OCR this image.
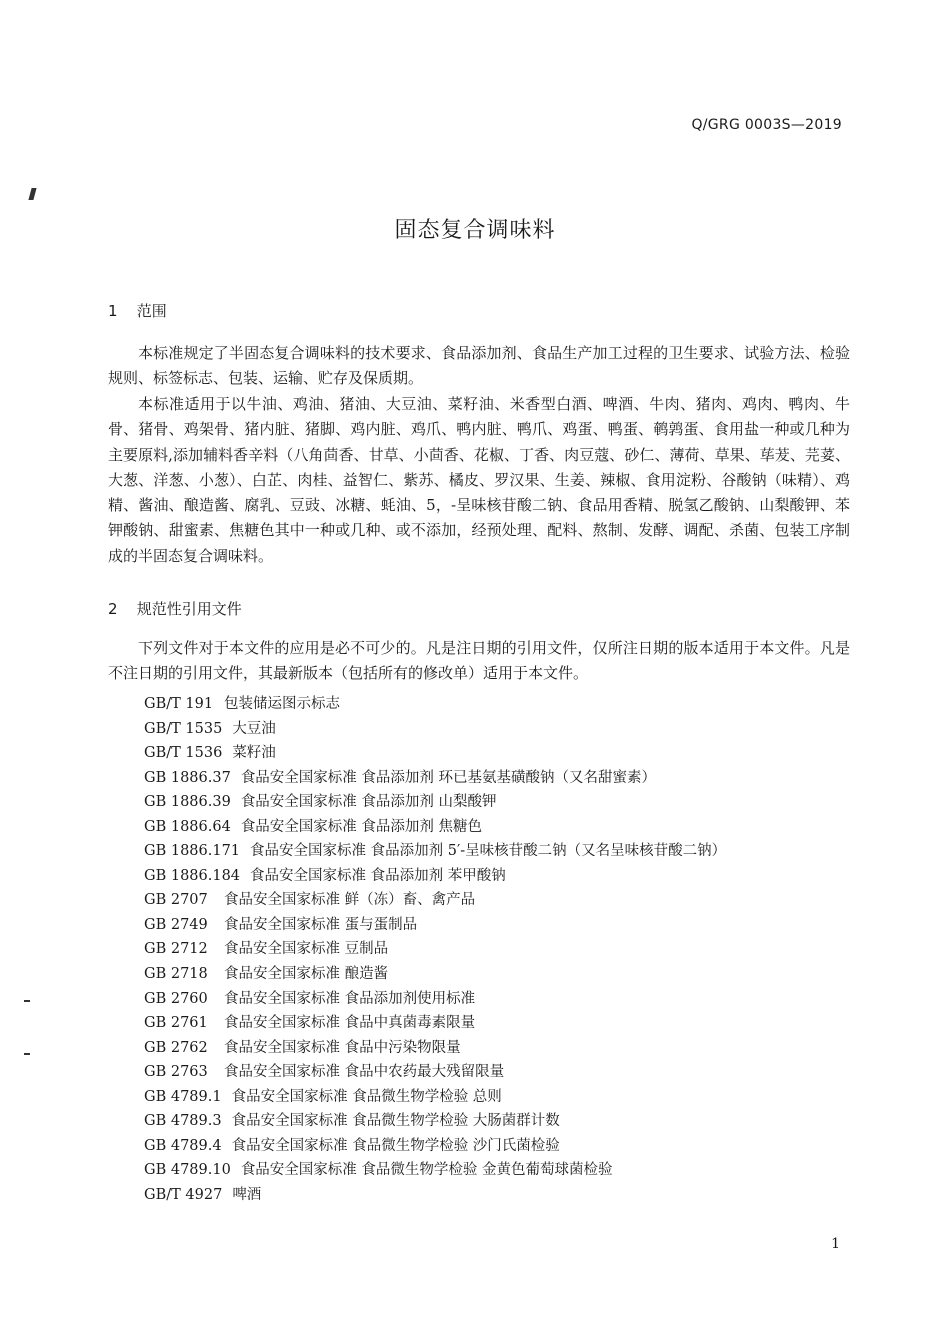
Q/GRG 0003S—2019
固态复合调味料
1 范围
本标准规定了半固态复合调味料的技术要求、食品添加剂、食品生产加工过程的卫生要求、试验方法、检验规则、标签标志、包装、运输、贮存及保质期。
本标准适用于以牛油、鸡油、猪油、大豆油、菜籽油、米香型白酒、啤酒、牛肉、猪肉、鸡肉、鸭肉、牛骨、猪骨、鸡架骨、猪内脏、猪脚、鸡内脏、鸡爪、鸭内脏、鸭爪、鸡蛋、鸭蛋、鹌鹑蛋、食用盐一种或几种为主要原料,添加辅料香辛料（八角茴香、甘草、小茴香、花椒、丁香、肉豆蔻、砂仁、薄荷、草果、荜茇、芫荽、大葱、洋葱、小葱）、白芷、肉桂、益智仁、紫苏、橘皮、罗汉果、生姜、辣椒、食用淀粉、谷酸钠（味精）、鸡精、酱油、酿造酱、腐乳、豆豉、冰糖、蚝油、5，-呈味核苷酸二钠、食品用香精、脱氢乙酸钠、山梨酸钾、苯钾酸钠、甜蜜素、焦糖色其中一种或几种、或不添加，经预处理、配料、熬制、发酵、调配、杀菌、包装工序制成的半固态复合调味料。
2 规范性引用文件
下列文件对于本文件的应用是必不可少的。凡是注日期的引用文件，仅所注日期的版本适用于本文件。凡是不注日期的引用文件，其最新版本（包括所有的修改单）适用于本文件。
GB/T 191 包装储运图示标志
GB/T 1535 大豆油
GB/T 1536 菜籽油
GB 1886.37 食品安全国家标准 食品添加剂 环已基氨基磺酸钠（又名甜蜜素）
GB 1886.39 食品安全国家标准 食品添加剂 山梨酸钾
GB 1886.64 食品安全国家标准 食品添加剂 焦糖色
GB 1886.171 食品安全国家标准 食品添加剂 5′-呈味核苷酸二钠（又名呈味核苷酸二钠）
GB 1886.184 食品安全国家标准 食品添加剂 苯甲酸钠
GB 2707 食品安全国家标准 鲜（冻）畜、禽产品
GB 2749 食品安全国家标准 蛋与蛋制品
GB 2712 食品安全国家标准 豆制品
GB 2718 食品安全国家标准 酿造酱
GB 2760 食品安全国家标准 食品添加剂使用标准
GB 2761 食品安全国家标准 食品中真菌毒素限量
GB 2762 食品安全国家标准 食品中污染物限量
GB 2763 食品安全国家标准 食品中农药最大残留限量
GB 4789.1 食品安全国家标准 食品微生物学检验 总则
GB 4789.3 食品安全国家标准 食品微生物学检验 大肠菌群计数
GB 4789.4 食品安全国家标准 食品微生物学检验 沙门氏菌检验
GB 4789.10 食品安全国家标准 食品微生物学检验 金黄色葡萄球菌检验
GB/T 4927 啤酒
1
